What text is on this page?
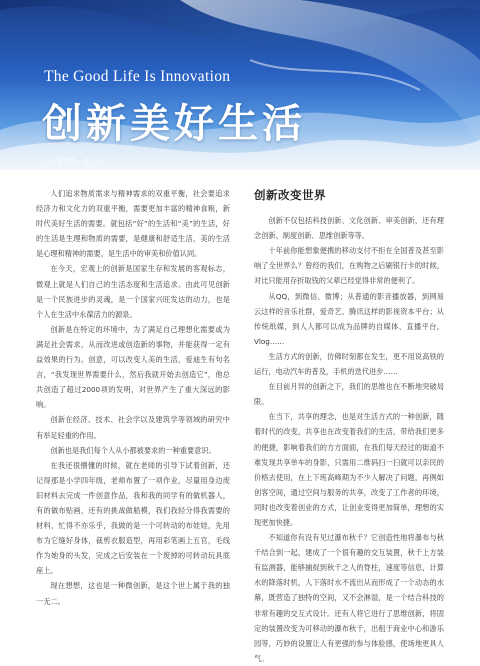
The Good Life Is Innovation
创新美好生活
文 / 郭金桥 · 总工办

人们追求物质需求与精神需求的双重平衡，社会要追求经济力和文化力的双重平衡，需要更加丰富的精神食粮，新时代美好生活的需要。就包括“好”的生活和“美”的生活，好的生活是生理和物质的需要，是健康和舒适生活，美的生活是心理和精神的需要，是生活中的审美和价值认同。

在今天，宏观上的创新是国家生存和发展的客观标志，微观上就是人们自己的生活态度和生活追求。由此可见创新是一个民族进步的灵魂，是一个国家兴旺发达的动力，也是个人在生活中永葆活力的源泉。

创新是在特定的环境中，为了满足自己理想化需要或为满足社会需求，从而改进或创造新的事物，并能获得一定有益效果的行为。创意，可以改变人美的生活，爱迪生有句名言，“我发现世界需要什么，然后我就开始去创造它”，他总共创造了超过2000项的发明，对世界产生了重大深远的影响。

创新在经济、技术、社会学以及建筑学等领域的研究中有举足轻重的作用。

创新也是我们每个人从小都被要求的一种重要意识。

在我还很懵懂的时候，就在老师的引导下试着创新，还记得那是小学四年级，老师布置了一项作业，尽量用身边废旧材料去完成一件创意作品，我和我的同学有的做机器人，有的做布贴画，还有的挑战做船模，我们我轻分得我需要的材料，忙得不亦乐乎，我做的是一个可转动的布娃娃，先用布为它缝好身体，裁剪衣服造型，再用彩笔画上五官，毛线作为她身的头发，完成之后安装在一个废掉的可转动玩具底座上。

现在想想，这也是一种微创新，是这个世上属于我的独一无二。

创新改变世界

创新不仅包括科技创新、文化创新、审美创新，还有理念创新、制度创新、思维创新等等。

十年前你能想象便携的移动支付不拒在全国普及甚至影响了全世界么？曾经的我们，在购物之后刷银行卡的时候，对比只能用存折取钱的父辈已经觉得非常的便利了。

从QQ，到微信、微博；从普通的影音播放器，到网易云这样的音乐社群，爱奇艺、腾讯这样的影视资本平台；从传统纸媒，到人人都可以成为品牌的自媒体、直播平台，Vlog……

生活方式的创新，仿佛时刻都在发生，更不用说高铁的运行，电动汽车的普及，手机的迭代进步……

在目前月异的创新之下，我们的思维也在不断地突破局限。

在当下，共享的理念，也是对生活方式的一种创新，随着时代的改变，共享也在改变着我们的生活，带给我们更多的便捷，影响着我们的方方面面，在我们每天经过的街道不难发现共享单车的身影，只需用二维码扫一扫就可以亲民的价格去使用，在上下班高峰期为不少人解决了问题，再例如创客空间，通过空间与服务的共享，改变了工作者的环境，同时也改变着创业的方式，让创业变得更加简单，理想的实现更加快捷。

不知道你有没有见过瀑布秋千？它创造性地将瀑布与秋千结合到一起，建成了一个很有趣的交互装置，秋千上方装有监测器，能够捕捉到秋千之人的脊柱，速度等信息，计算水的降落时机，人下落时水不流出从而形成了一个动态的水幕，既营造了独特的空间，又不会淋湿，是一个结合科技的非常有趣的交互式设计。还有人将它进行了思维创新，将固定的装置改变为可移动的瀑布秋千，出租于商业中心和游乐园等，巧妙的设置让人有更强的参与体验感，使场地更具人气。
